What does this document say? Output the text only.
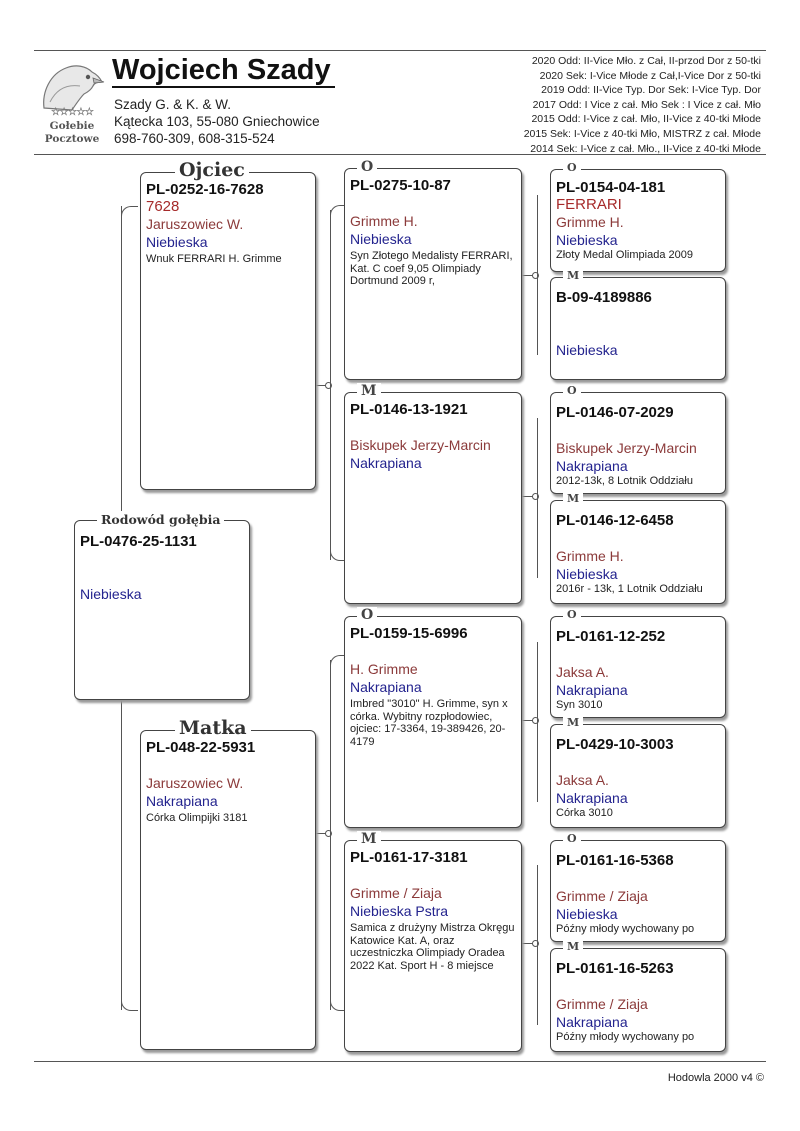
☆☆☆☆☆
Gołebie
Pocztowe
Wojciech Szady
Szady G. & K. & W.
Kątecka 103, 55-080 Gniechowice
698-760-309, 608-315-524
2020 Odd: II-Vice Mło. z Cał, II-przod Dor z 50-tki
2020 Sek: I-Vice Młode z Cał,I-Vice Dor z 50-tki
2019 Odd: II-Vice Typ. Dor Sek: I-Vice Typ. Dor
2017 Odd: I Vice z cał. Mło Sek : I Vice z cał. Mło
2015 Odd: I-Vice z cał. Mło, II-Vice z 40-tki Młode
2015 Sek: I-Vice z 40-tki Mło, MISTRZ z cał. Młode
2014 Sek: I-Vice z cał. Mło., II-Vice z 40-tki Młode
Rodowód gołębia
PL-0476-25-1131
Niebieska
Ojciec
PL-0252-16-7628
7628
Jaruszowiec W.
Niebieska
Wnuk FERRARI H. Grimme
Matka
PL-048-22-5931
Jaruszowiec W.
Nakrapiana
Córka Olimpijki 3181
O
PL-0275-10-87
Grimme H.
Niebieska
Syn Złotego Medalisty FERRARI, Kat. C coef 9,05 Olimpiady Dortmund 2009 r,
M
PL-0146-13-1921
Biskupek Jerzy-Marcin
Nakrapiana
O
PL-0159-15-6996
H. Grimme
Nakrapiana
Imbred "3010" H. Grimme, syn x córka. Wybitny rozpłodowiec, ojciec: 17-3364, 19-389426, 20-4179
M
PL-0161-17-3181
Grimme / Ziaja
Niebieska Pstra
Samica z drużyny Mistrza Okręgu Katowice Kat. A, oraz uczestniczka Olimpiady Oradea 2022 Kat. Sport H - 8 miejsce
O
PL-0154-04-181
FERRARI
Grimme H.
Niebieska
Złoty Medal Olimpiada 2009
M
B-09-4189886
Niebieska
O
PL-0146-07-2029
Biskupek Jerzy-Marcin
Nakrapiana
2012-13k, 8 Lotnik Oddziału
M
PL-0146-12-6458
Grimme H.
Niebieska
2016r - 13k, 1 Lotnik Oddziału
O
PL-0161-12-252
Jaksa A.
Nakrapiana
Syn 3010
M
PL-0429-10-3003
Jaksa A.
Nakrapiana
Córka 3010
O
PL-0161-16-5368
Grimme / Ziaja
Niebieska
Późny młody wychowany po
M
PL-0161-16-5263
Grimme / Ziaja
Nakrapiana
Późny młody wychowany po
Hodowla 2000 v4 ©
